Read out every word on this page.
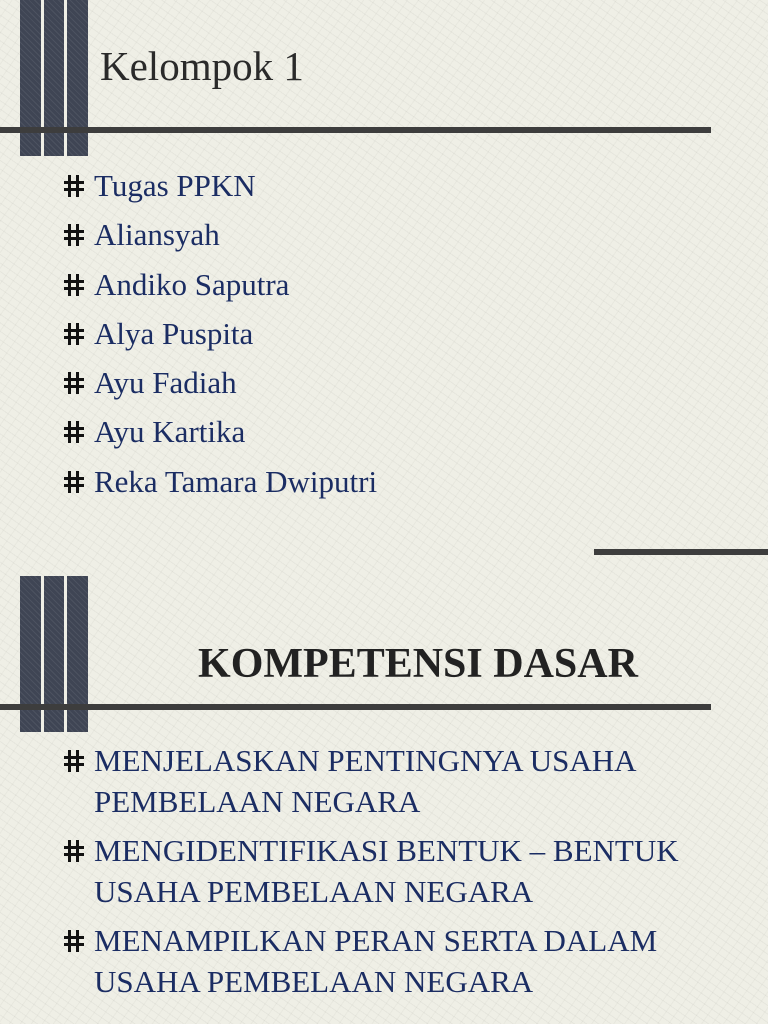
Kelompok 1
Tugas PPKN
Aliansyah
Andiko Saputra
Alya Puspita
Ayu Fadiah
Ayu Kartika
Reka Tamara Dwiputri
KOMPETENSI DASAR
MENJELASKAN PENTINGNYA USAHA PEMBELAAN NEGARA
MENGIDENTIFIKASI BENTUK – BENTUK USAHA PEMBELAAN NEGARA
MENAMPILKAN PERAN SERTA DALAM USAHA PEMBELAAN NEGARA
